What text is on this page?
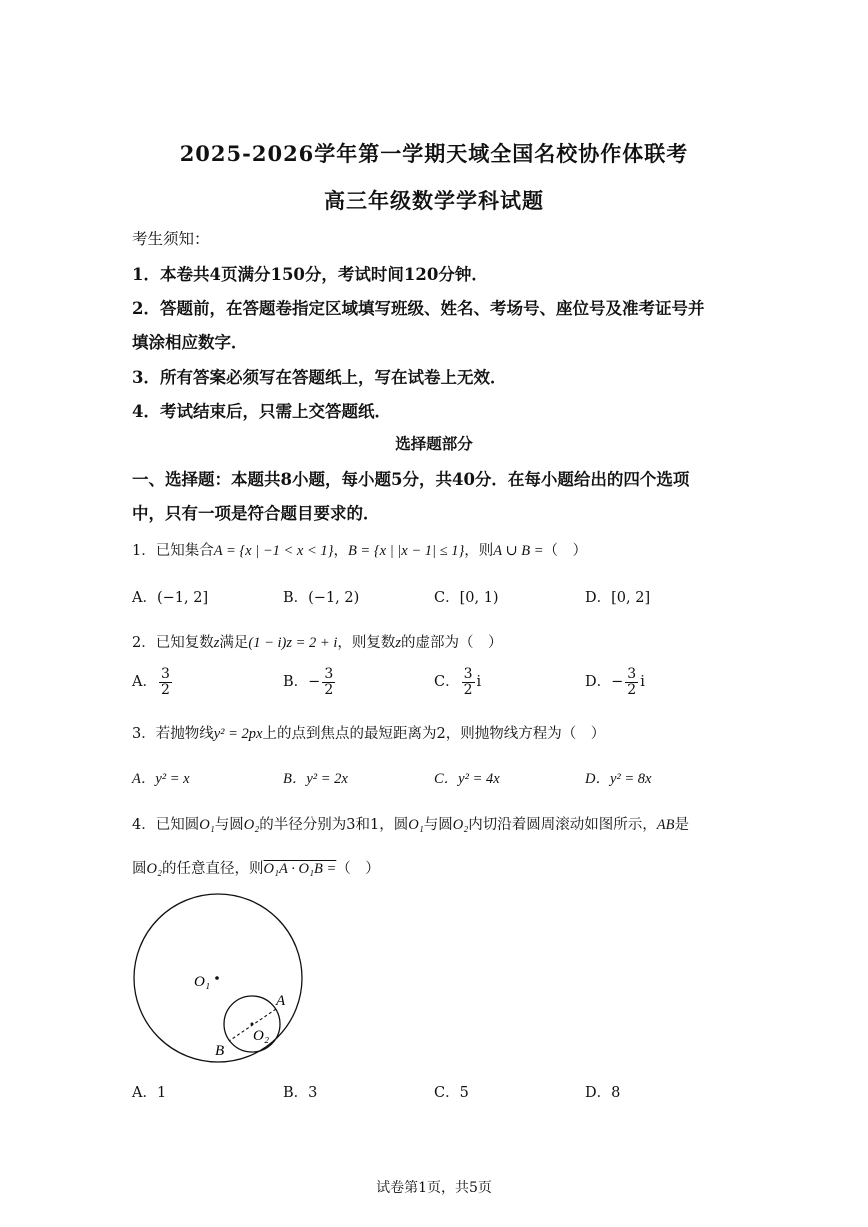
2025-2026学年第一学期天域全国名校协作体联考
高三年级数学学科试题
考生须知：
1．本卷共4页满分150分，考试时间120分钟．
2．答题前，在答题卷指定区域填写班级、姓名、考场号、座位号及准考证号并
填涂相应数字．
3．所有答案必须写在答题纸上，写在试卷上无效．
4．考试结束后，只需上交答题纸．
选择题部分
一、选择题：本题共8小题，每小题5分，共40分．在每小题给出的四个选项
中，只有一项是符合题目要求的．
1．已知集合A = {x | −1 < x < 1}，B = {x | |x − 1| ≤ 1}，则A ∪ B =（　）
A．(−1, 2]	B．(−1, 2)	C．[0, 1)	D．[0, 2]
2．已知复数z满足(1 − i)z = 2 + i，则复数z的虚部为（　）
A． $\frac{3}{2}$	B．− $\frac{3}{2}$	C． $\frac{3}{2}$ i	D．− $\frac{3}{2}$ i
3．若抛物线y² = 2px上的点到焦点的最短距离为2，则抛物线方程为（　）
A．y² = x	B．y² = 2x	C．y² = 4x	D．y² = 8x
4．已知圆O₁与圆O₂的半径分别为3和1，圆O₁与圆O₂内切沿着圆周滚动如图所示，AB是
圆O₂的任意直径，则O₁A · O₁B =（　）
O₁
O₂
A
B
A．1	B．3	C．5	D．8
试卷第1页，共5页
